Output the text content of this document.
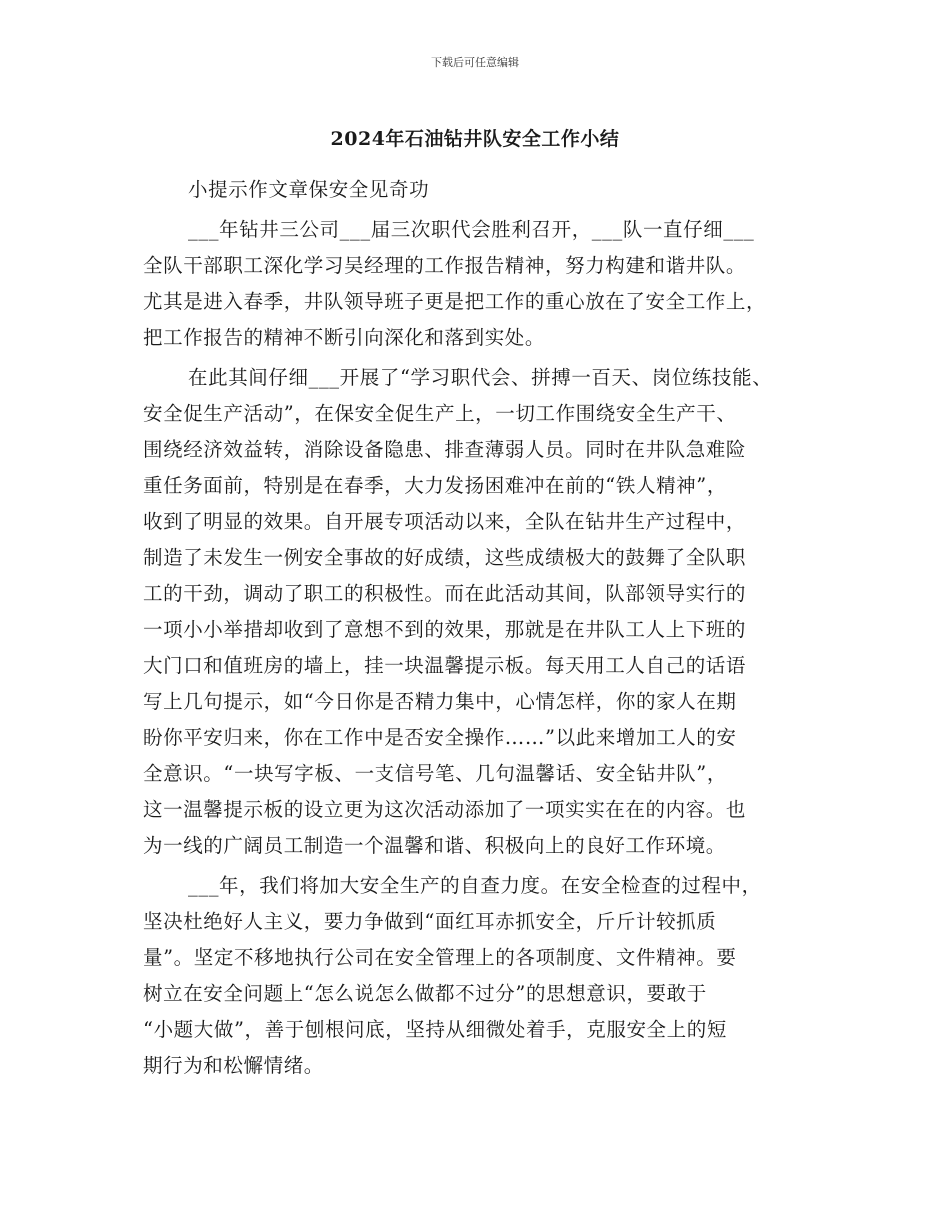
下载后可任意编辑
2024年石油钻井队安全工作小结
小提示作文章保安全见奇功
___年钻井三公司___届三次职代会胜利召开，___队一直仔细___
全队干部职工深化学习吴经理的工作报告精神，努力构建和谐井队。
尤其是进入春季，井队领导班子更是把工作的重心放在了安全工作上，
把工作报告的精神不断引向深化和落到实处。
在此其间仔细___开展了“学习职代会、拼搏一百天、岗位练技能、
安全促生产活动”，在保安全促生产上，一切工作围绕安全生产干、
围绕经济效益转，消除设备隐患、排查薄弱人员。同时在井队急难险
重任务面前，特别是在春季，大力发扬困难冲在前的“铁人精神”，
收到了明显的效果。自开展专项活动以来，全队在钻井生产过程中，
制造了未发生一例安全事故的好成绩，这些成绩极大的鼓舞了全队职
工的干劲，调动了职工的积极性。而在此活动其间，队部领导实行的
一项小小举措却收到了意想不到的效果，那就是在井队工人上下班的
大门口和值班房的墙上，挂一块温馨提示板。每天用工人自己的话语
写上几句提示，如“今日你是否精力集中，心情怎样，你的家人在期
盼你平安归来，你在工作中是否安全操作……”以此来增加工人的安
全意识。“一块写字板、一支信号笔、几句温馨话、安全钻井队”，
这一温馨提示板的设立更为这次活动添加了一项实实在在的内容。也
为一线的广阔员工制造一个温馨和谐、积极向上的良好工作环境。
___年，我们将加大安全生产的自查力度。在安全检查的过程中，
坚决杜绝好人主义，要力争做到“面红耳赤抓安全，斤斤计较抓质
量”。坚定不移地执行公司在安全管理上的各项制度、文件精神。要
树立在安全问题上“怎么说怎么做都不过分”的思想意识，要敢于
“小题大做”，善于刨根问底，坚持从细微处着手，克服安全上的短
期行为和松懈情绪。
